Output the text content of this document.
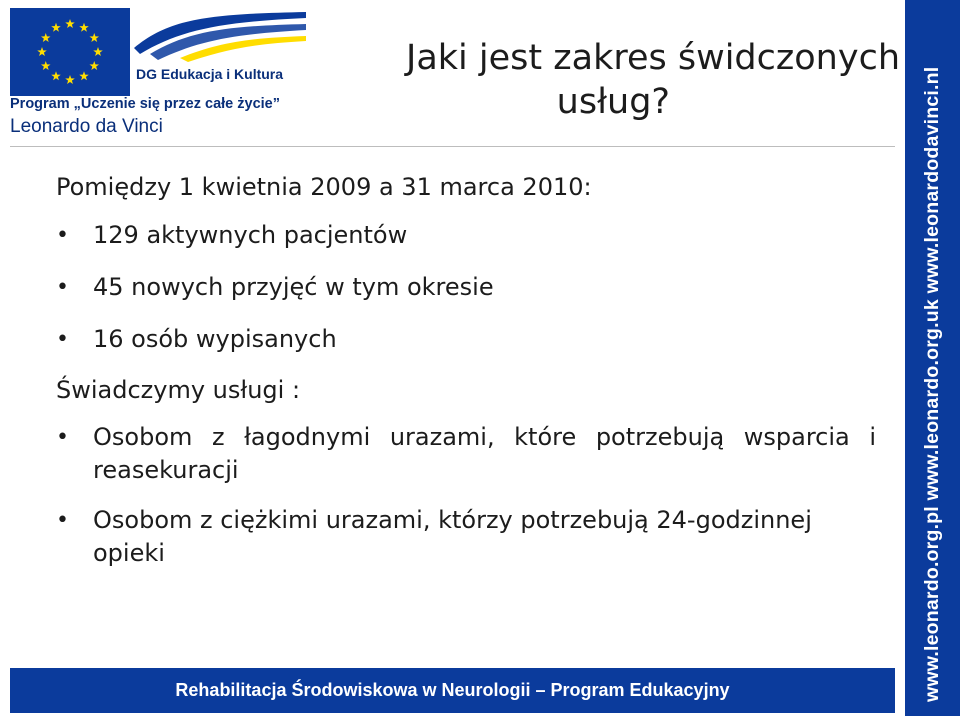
DG Edukacja i Kultura
Program „Uczenie się przez całe życie”
Leonardo da Vinci
Jaki jest zakres świdczonych
usług?

Pomiędzy 1 kwietnia 2009 a 31 marca 2010:

• 129 aktywnych pacjentów
• 45 nowych przyjęć w tym okresie
• 16 osób wypisanych

Świadczymy usługi :

• Osobom z łagodnymi urazami, które potrzebują wsparcia i reasekuracji
• Osobom z ciężkimi urazami, którzy potrzebują 24-godzinnej opieki
Rehabilitacja Środowiskowa w Neurologii – Program Edukacyjny	www.leonardo.org.pl www.leonardo.org.uk www.leonardodavinci.nl
